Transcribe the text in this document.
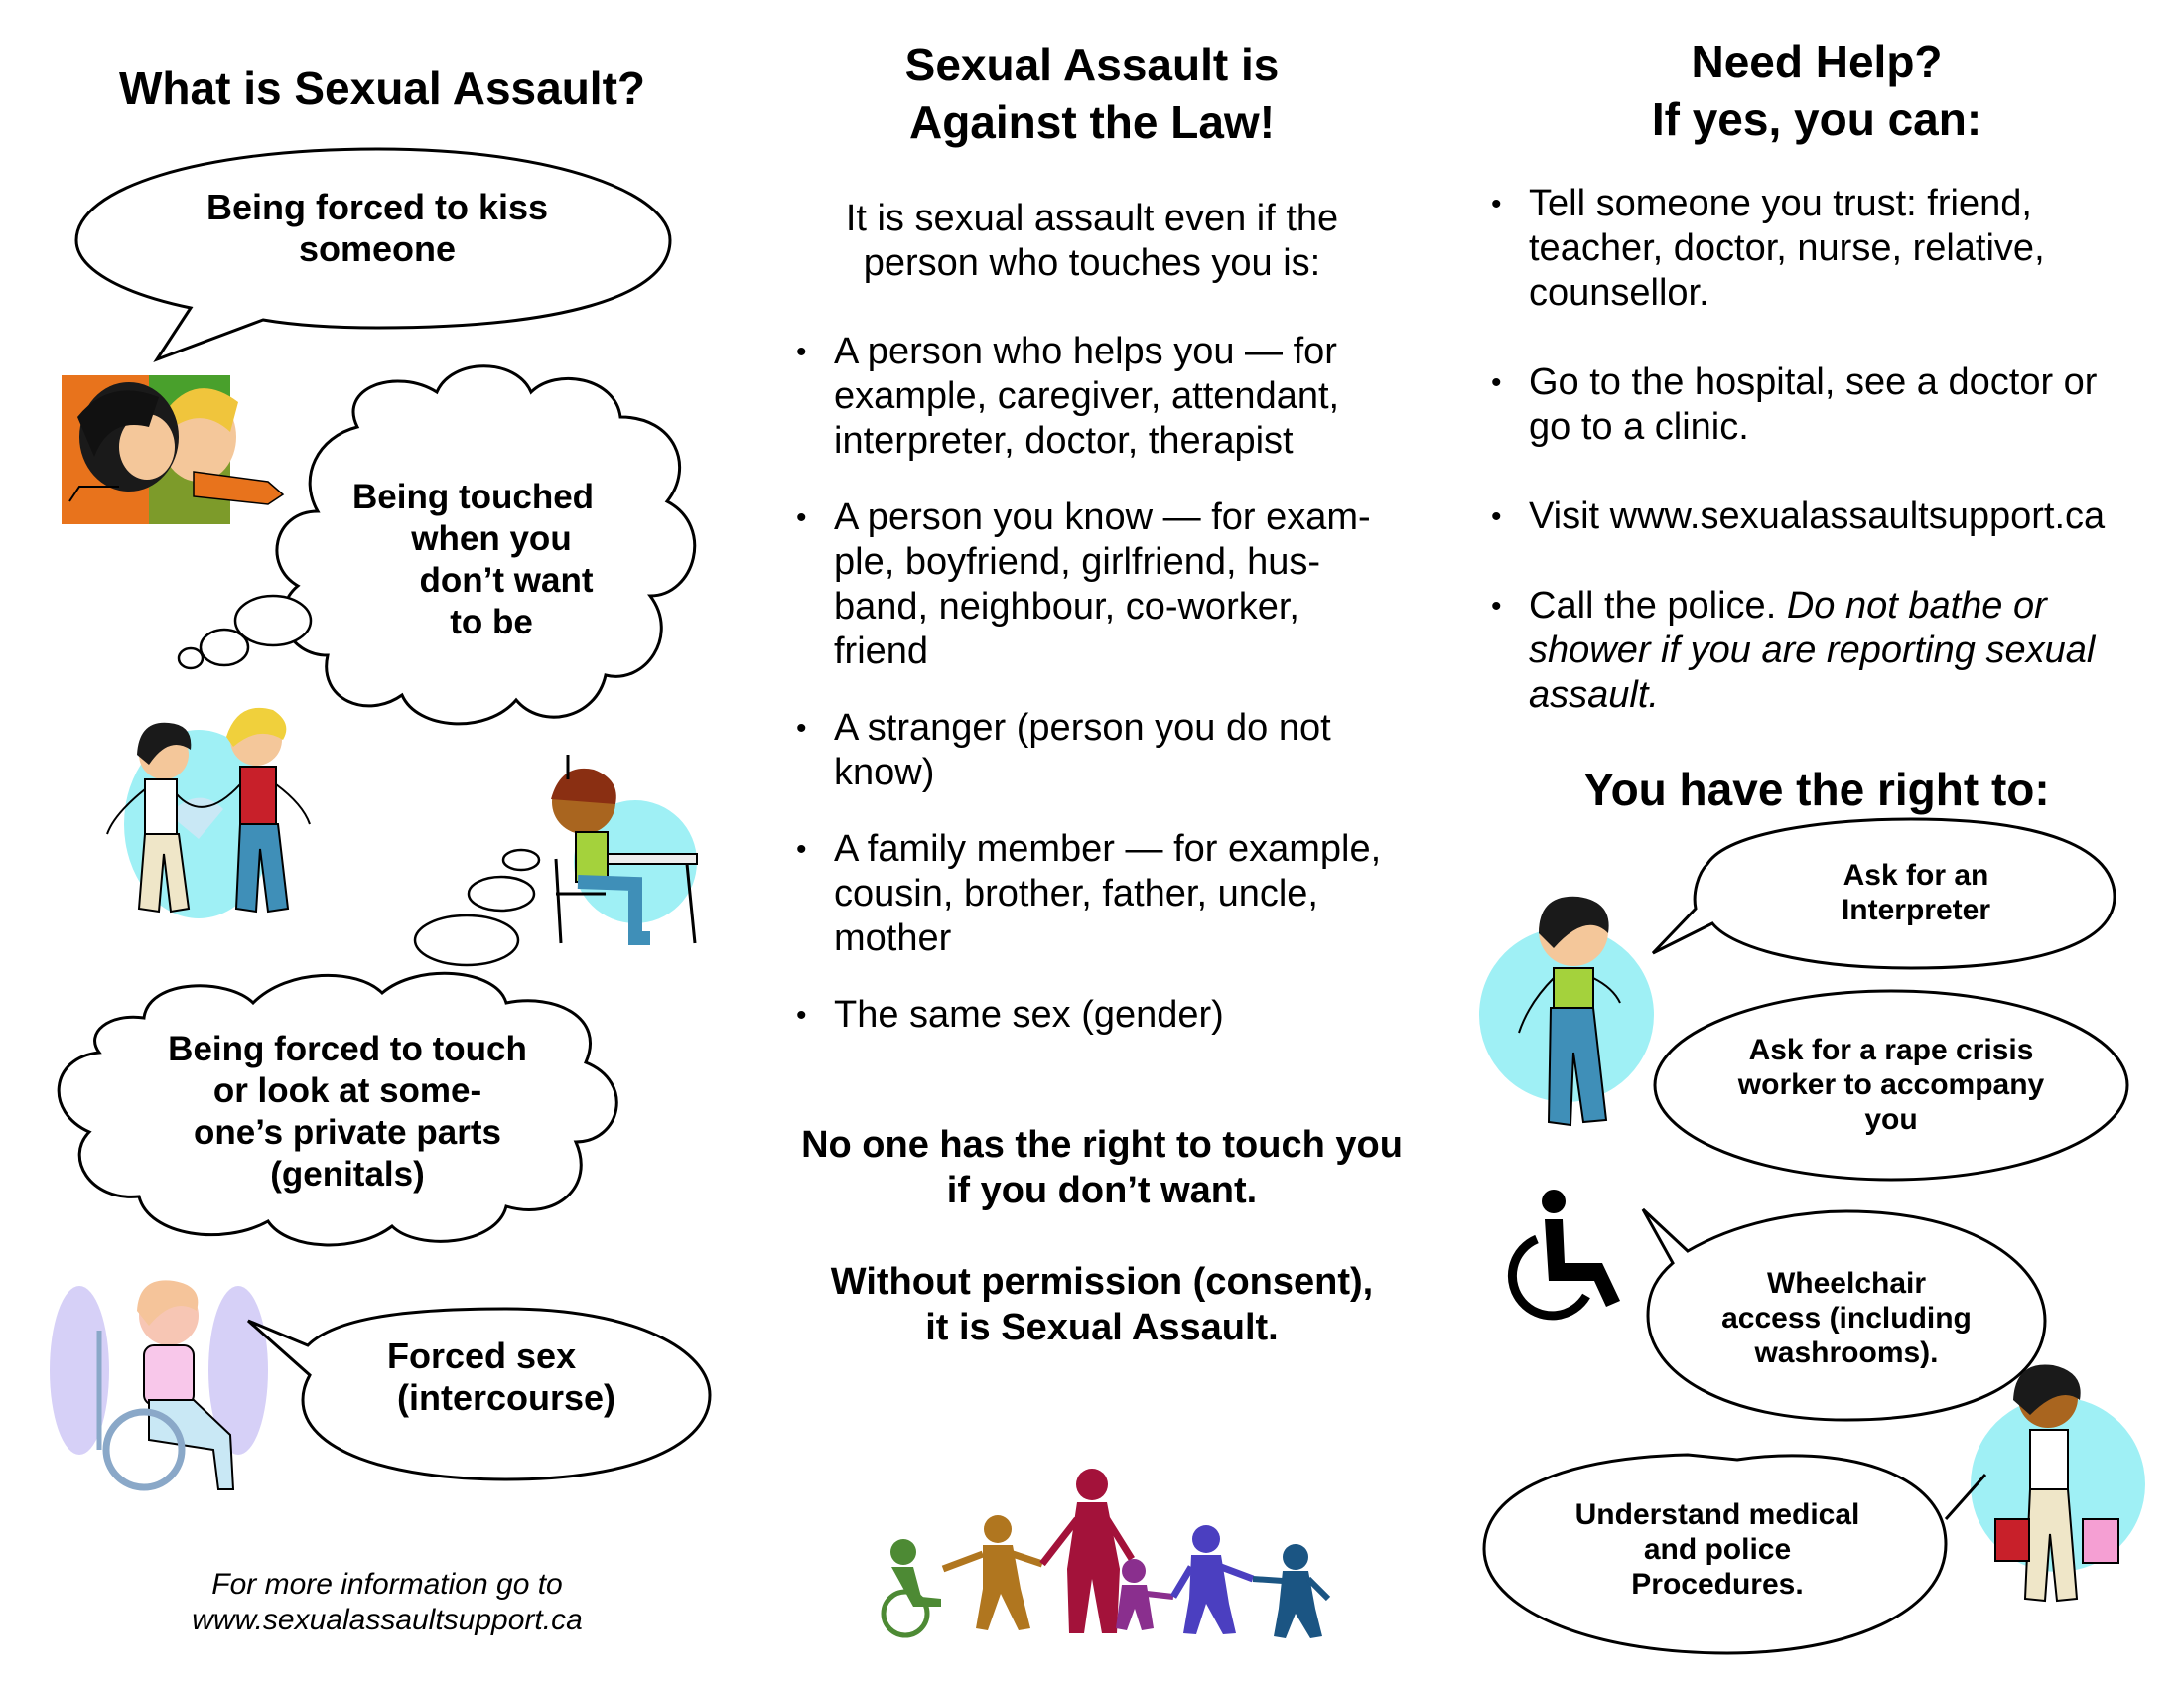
What is Sexual Assault?
Being forced to kiss
someone
Being touched
when you
don’t want
to be
Being forced to touch
or look at some-
one’s private parts
(genitals)
Forced sex
(intercourse)
For more information go to
www.sexualassaultsupport.ca
Sexual Assault is
Against the Law!
It is sexual assault even if the
person who touches you is:
• A person who helps you — for
example, caregiver, attendant,
interpreter, doctor, therapist
• A person you know — for exam-
ple, boyfriend, girlfriend, hus-
band, neighbour, co-worker,
friend
• A stranger (person you do not
know)
• A family member — for example,
cousin, brother, father, uncle,
mother
• The same sex (gender)
No one has the right to touch you
if you don’t want.
Without permission (consent),
it is Sexual Assault.
Need Help?
If yes, you can:
• Tell someone you trust: friend,
teacher, doctor, nurse, relative,
counsellor.
• Go to the hospital, see a doctor or
go to a clinic.
• Visit www.sexualassaultsupport.ca
• Call the police. Do not bathe or
shower if you are reporting sexual
assault.
You have the right to:
Ask for an
Interpreter
Ask for a rape crisis
worker to accompany
you
Wheelchair
access (including
washrooms).
Understand medical
and police
Procedures.
